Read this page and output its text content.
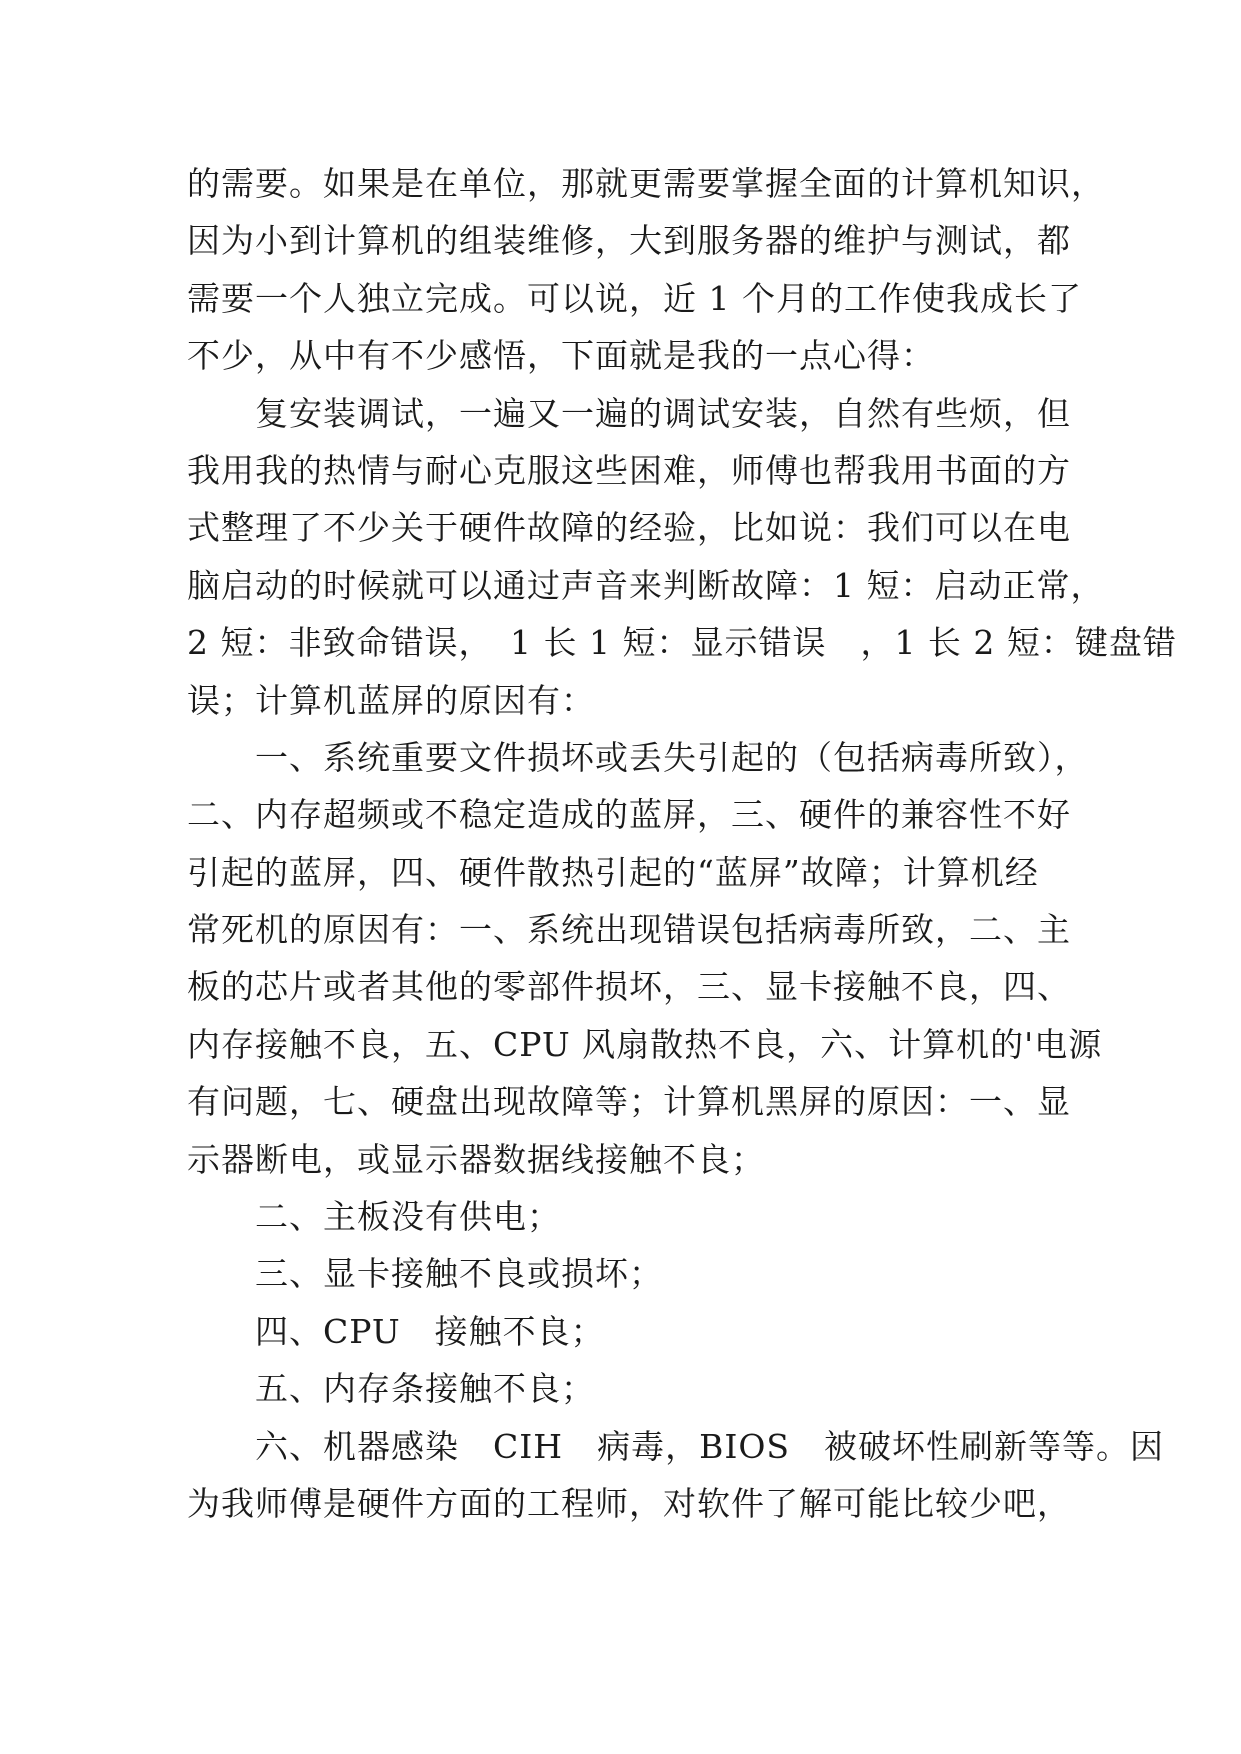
的需要。如果是在单位，那就更需要掌握全面的计算机知识，
因为小到计算机的组装维修，大到服务器的维护与测试，都
需要一个人独立完成。可以说，近 1 个月的工作使我成长了
不少，从中有不少感悟，下面就是我的一点心得：
　　复安装调试，一遍又一遍的调试安装，自然有些烦，但
我用我的热情与耐心克服这些困难，师傅也帮我用书面的方
式整理了不少关于硬件故障的经验，比如说：我们可以在电
脑启动的时候就可以通过声音来判断故障：1 短：启动正常，
2 短：非致命错误，　1 长 1 短：显示错误　，1 长 2 短：键盘错
误；计算机蓝屏的原因有：
　　一、系统重要文件损坏或丢失引起的（包括病毒所致），
二、内存超频或不稳定造成的蓝屏，三、硬件的兼容性不好
引起的蓝屏，四、硬件散热引起的“蓝屏”故障；计算机经
常死机的原因有：一、系统出现错误包括病毒所致，二、主
板的芯片或者其他的零部件损坏，三、显卡接触不良，四、
内存接触不良，五、CPU 风扇散热不良，六、计算机的'电源
有问题，七、硬盘出现故障等；计算机黑屏的原因：一、显
示器断电，或显示器数据线接触不良；
　　二、主板没有供电；
　　三、显卡接触不良或损坏；
　　四、CPU　接触不良；
　　五、内存条接触不良；
　　六、机器感染　CIH　病毒，BIOS　被破坏性刷新等等。因
为我师傅是硬件方面的工程师，对软件了解可能比较少吧，
